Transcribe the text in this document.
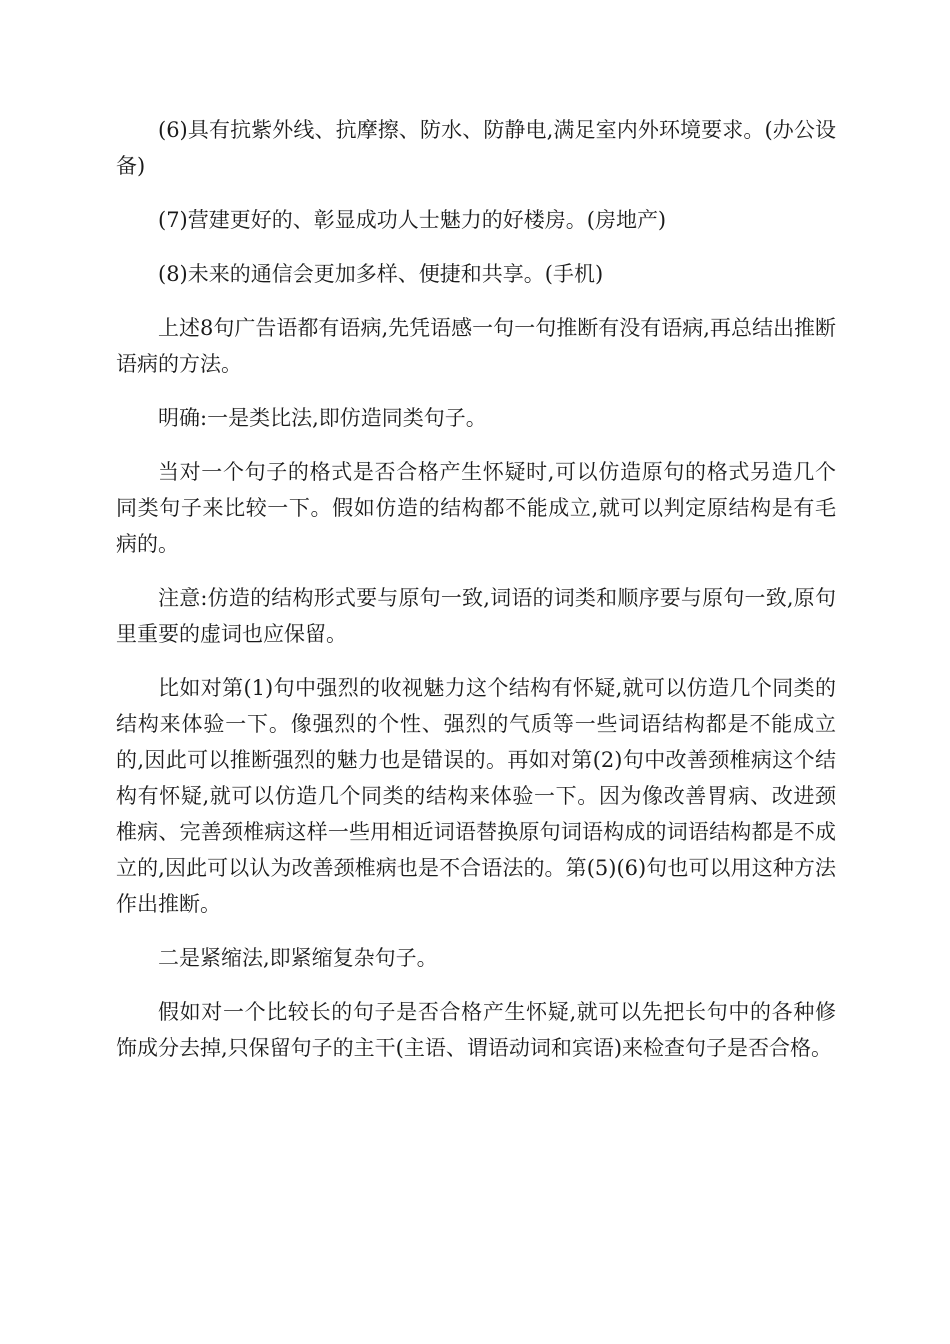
(6)具有抗紫外线、抗摩擦、防水、防静电,满足室内外环境要求。(办公设备)

(7)营建更好的、彰显成功人士魅力的好楼房。(房地产)

(8)未来的通信会更加多样、便捷和共享。(手机)

上述8句广告语都有语病,先凭语感一句一句推断有没有语病,再总结出推断语病的方法。

明确:一是类比法,即仿造同类句子。

当对一个句子的格式是否合格产生怀疑时,可以仿造原句的格式另造几个同类句子来比较一下。假如仿造的结构都不能成立,就可以判定原结构是有毛病的。

注意:仿造的结构形式要与原句一致,词语的词类和顺序要与原句一致,原句里重要的虚词也应保留。

比如对第(1)句中强烈的收视魅力这个结构有怀疑,就可以仿造几个同类的结构来体验一下。像强烈的个性、强烈的气质等一些词语结构都是不能成立的,因此可以推断强烈的魅力也是错误的。再如对第(2)句中改善颈椎病这个结构有怀疑,就可以仿造几个同类的结构来体验一下。因为像改善胃病、改进颈椎病、完善颈椎病这样一些用相近词语替换原句词语构成的词语结构都是不成立的,因此可以认为改善颈椎病也是不合语法的。第(5)(6)句也可以用这种方法作出推断。

二是紧缩法,即紧缩复杂句子。

假如对一个比较长的句子是否合格产生怀疑,就可以先把长句中的各种修饰成分去掉,只保留句子的主干(主语、谓语动词和宾语)来检查句子是否合格。
